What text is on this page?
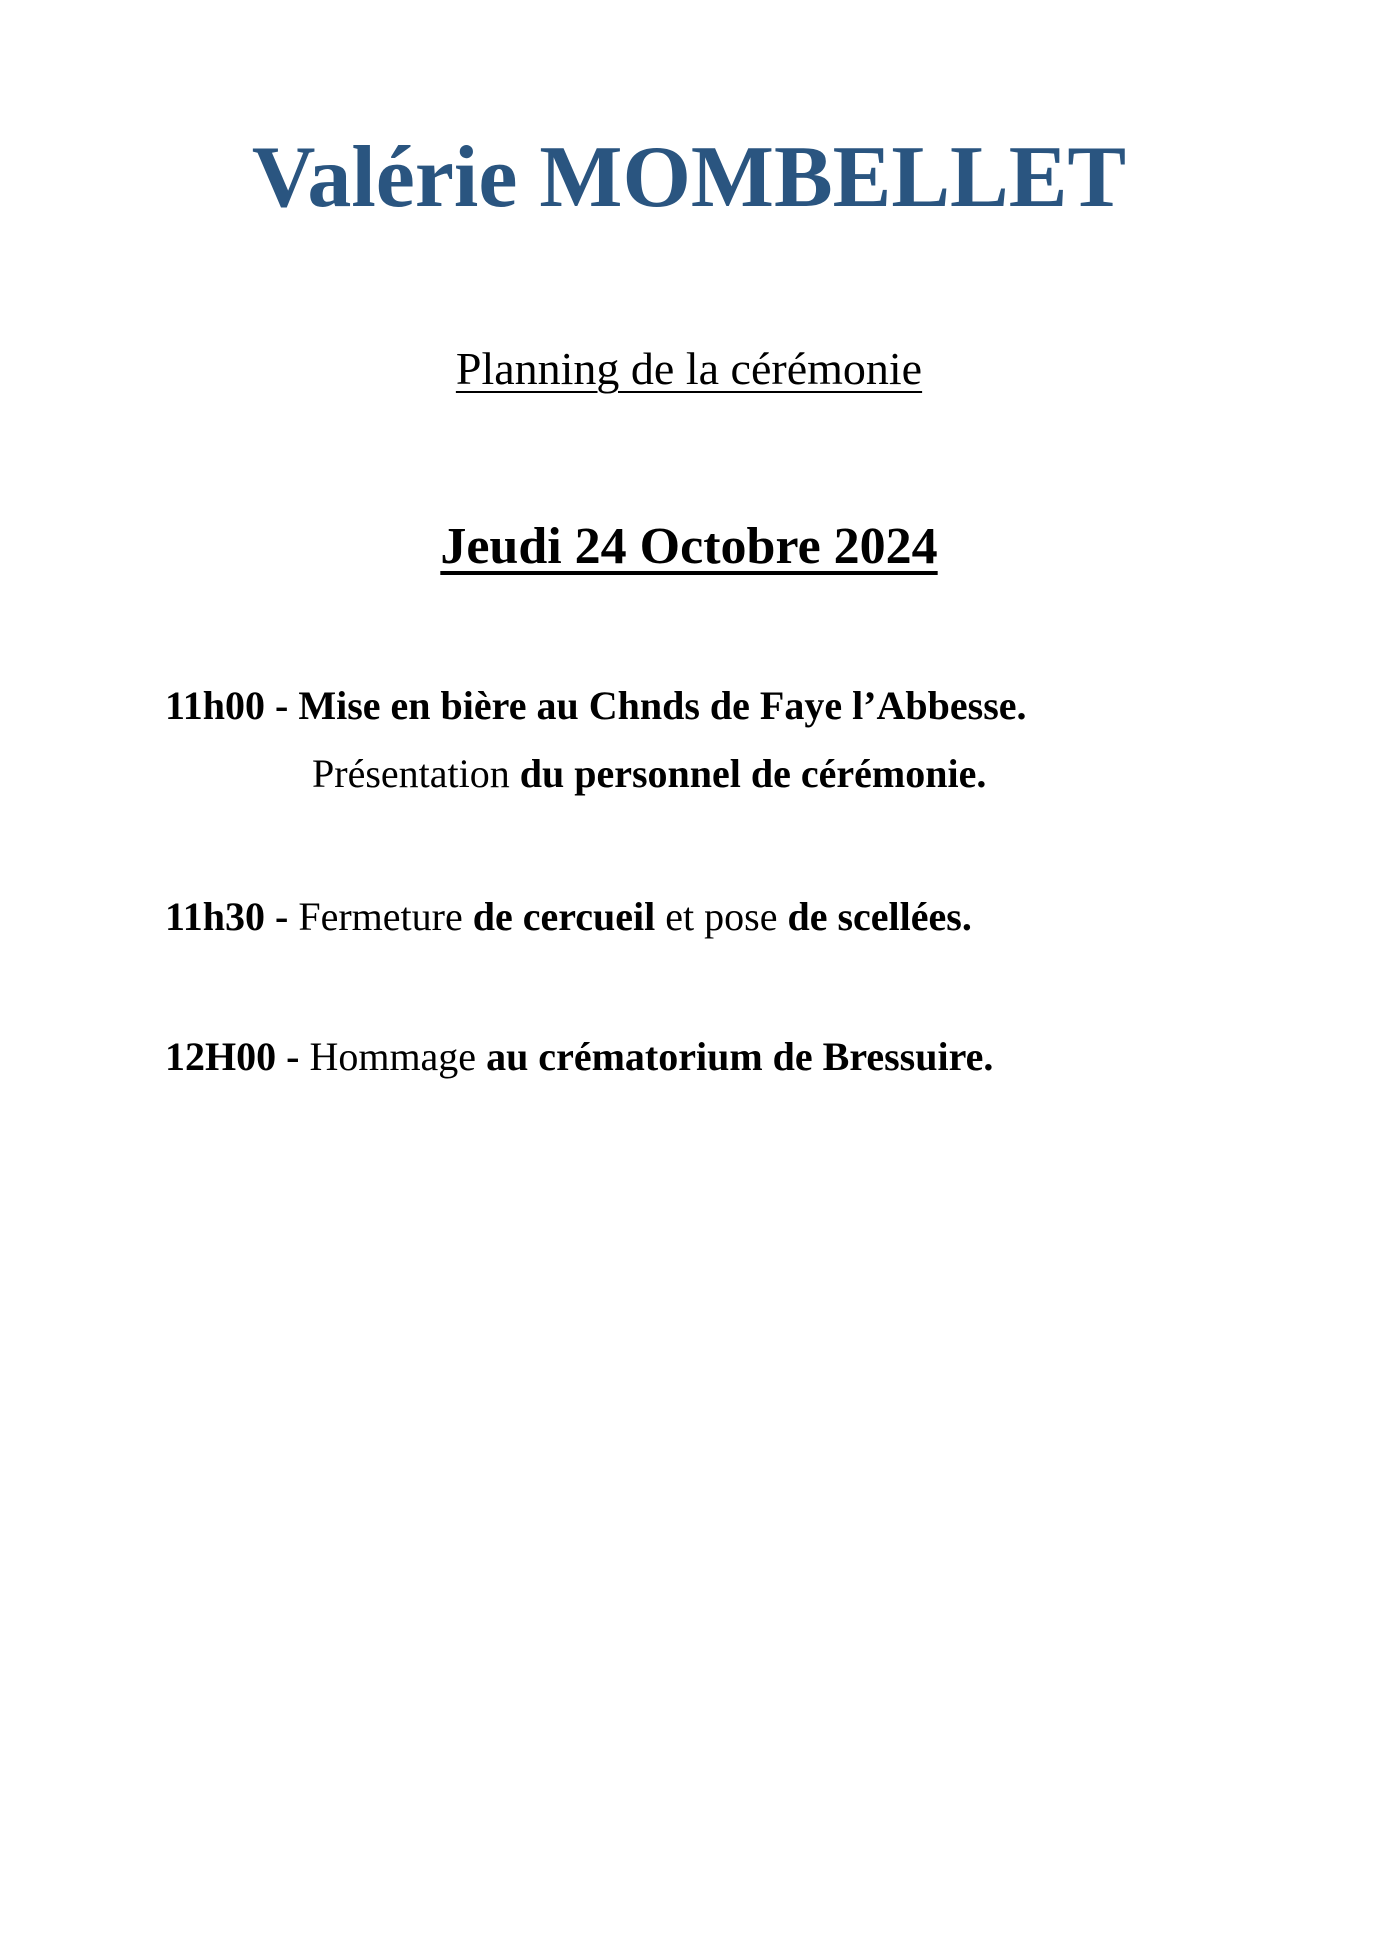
Valérie MOMBELLET
Planning de la cérémonie
Jeudi 24 Octobre 2024
11h00 - Mise en bière au Chnds de Faye l’Abbesse.
Présentation du personnel de cérémonie.
11h30 - Fermeture de cercueil et pose de scellées.
12H00 - Hommage au crématorium de Bressuire.
